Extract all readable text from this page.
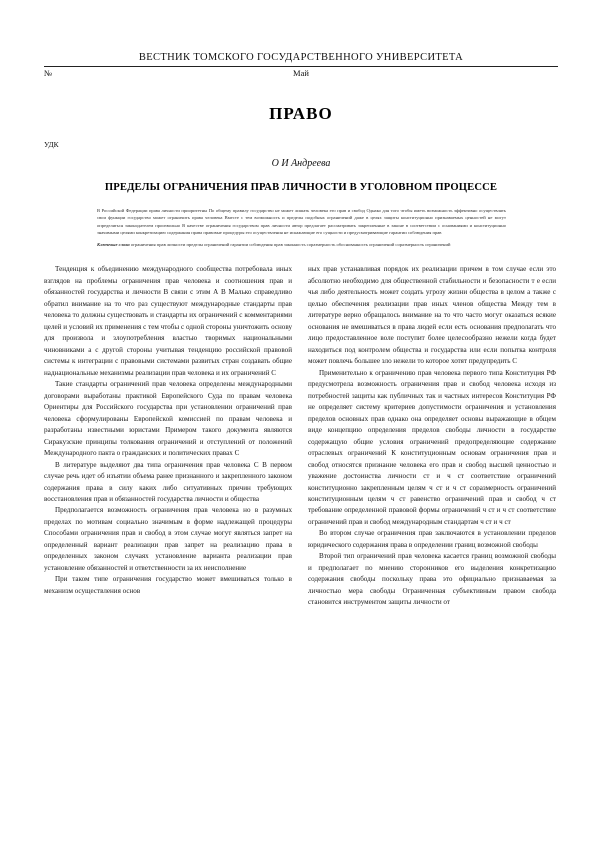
ВЕСТНИК ТОМСКОГО ГОСУДАРСТВЕННОГО УНИВЕРСИТЕТА
№	Май
ПРАВО
УДК
О И Андреева
ПРЕДЕЛЫ ОГРАНИЧЕНИЯ ПРАВ ЛИЧНОСТИ В УГОЛОВНОМ ПРОЦЕССЕ

В Российской Федерации права личности приоритетны По общему правилу государство не может лишать человека его прав и свобод Однако для того чтобы иметь возможность эффективно осуществлять свои функции государство может ограничить права человека Вместе с тем возможность и пределы подобных ограничений даже в целях защиты конституционно признаваемых ценностей не могут определяться законодателем произвольно В качестве ограничения государством прав личности автор предлагает рассматривать закрепленные в законе в соответствии с основаниями и конституционно значимыми целями конкретизацию содержания права правовые процедуры его осуществления не искажающие его сущности и предусматривающие гарантии соблюдения прав

Ключевые слова ограничения прав личности пределы ограничений гарантии соблюдения прав законность соразмерность обоснованность ограничений соразмерность ограничений

Тенденция к объединению международного сообщества потребовала иных взглядов на проблемы ограничения прав человека и соотношения прав и обязанностей государства и личности В связи с этим А В Малько справедливо обратил внимание на то что раз существуют международные стандарты прав человека то должны существовать и стандарты их ограничений с комментариями целей и условий их применения с тем чтобы с одной стороны уничтожить основу для произвола и злоупотребления властью творимых национальными чиновниками а с другой стороны учитывая тенденцию российской правовой системы к интеграции с правовыми системами развитых стран создавать общие наднациональные механизмы реализации прав человека и их ограничений С

Такие стандарты ограничений прав человека определены международными договорами выработаны практикой Европейского Суда по правам человека Ориентиры для Российского государства при установлении ограничений прав человека сформулированы Европейской комиссией по правам человека и разработаны известными юристами Примером такого документа являются Сиракузские принципы толкования ограничений и отступлений от положений Международного пакта о гражданских и политических правах С

В литературе выделяют два типа ограничения прав человека С В первом случае речь идет об изъятии объема ранее признанного и закрепленного законом содержания права в силу каких либо ситуативных причин требующих восстановления прав и обязанностей государства личности и общества

Предполагается возможность ограничения прав человека но в разумных пределах по мотивам социально значимым в форме надлежащей процедуры Способами ограничения прав и свобод в этом случае могут являться запрет на определенный вариант реализации прав запрет на реализацию права в определенных законом случаях установление варианта реализации прав установление обязанностей и ответственности за их неисполнение

При таком типе ограничения государство может вмешиваться только в механизм осуществления основ

ных прав устанавливая порядок их реализации причем в том случае если это абсолютно необходимо для общественной стабильности и безопасности т е если чья либо деятельность может создать угрозу жизни общества в целом а также с целью обеспечения реализации прав иных членов общества Между тем в литературе верно обращалось внимание на то что часто могут оказаться всякие основания не вмешиваться в права людей если есть основания предполагать что лицо предоставленное воле поступит более целесообразно нежели когда будет находиться под контролем общества и государства или если попытка контроля может повлечь большее зло нежели то которое хотят предупредить С

Применительно к ограничению прав человека первого типа Конституция РФ предусмотрела возможность ограничения прав и свобод человека исходя из потребностей защиты как публичных так и частных интересов Конституция РФ не определяет систему критериев допустимости ограничения и установления пределов основных прав однако она определяет основы выражающие в общем виде концепцию определения пределов свободы личности в государстве содержащую общие условия ограничений предопределяющие содержание отраслевых ограничений К конституционным основам ограничения прав и свобод относятся признание человека его прав и свобод высшей ценностью и уважение достоинства личности ст и ч ст соответствие ограничений конституционно закрепленным целям ч ст и ч ст соразмерность ограничений конституционным целям ч ст равенство ограничений прав и свобод ч ст требование определенной правовой формы ограничений ч ст и ч ст соответствие ограничений прав и свобод международным стандартам ч ст и ч ст

Во втором случае ограничения прав заключаются в установлении пределов юридического содержания права в определении границ возможной свободы

Второй тип ограничений прав человека касается границ возможной свободы и предполагает по мнению сторонников его выделения конкретизацию содержания свободы поскольку права это официально признаваемая за личностью мера свободы Ограниченная субъективным правом свобода становится инструментом защиты личности от
